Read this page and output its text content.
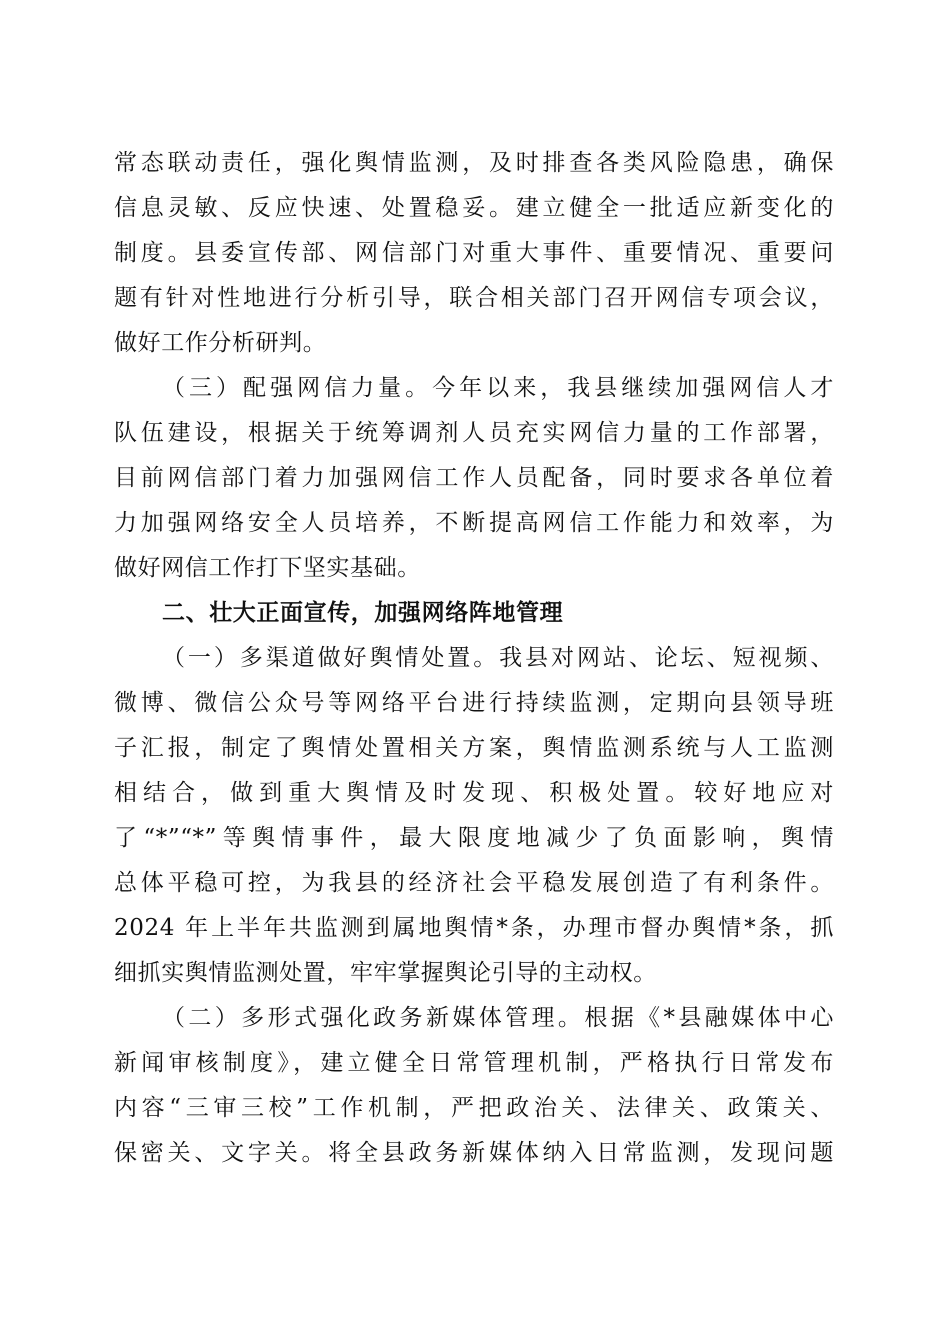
常态联动责任，强化舆情监测，及时排查各类风险隐患，确保
信息灵敏、反应快速、处置稳妥。建立健全一批适应新变化的
制度。县委宣传部、网信部门对重大事件、重要情况、重要问
题有针对性地进行分析引导，联合相关部门召开网信专项会议，
做好工作分析研判。
（三）配强网信力量。今年以来，我县继续加强网信人才
队伍建设，根据关于统筹调剂人员充实网信力量的工作部署，
目前网信部门着力加强网信工作人员配备，同时要求各单位着
力加强网络安全人员培养，不断提高网信工作能力和效率，为
做好网信工作打下坚实基础。
二、壮大正面宣传，加强网络阵地管理
（一）多渠道做好舆情处置。我县对网站、论坛、短视频、
微博、微信公众号等网络平台进行持续监测，定期向县领导班
子汇报，制定了舆情处置相关方案，舆情监测系统与人工监测
相结合，做到重大舆情及时发现、积极处置。较好地应对
了“*”“*”等舆情事件，最大限度地减少了负面影响，舆情
总体平稳可控，为我县的经济社会平稳发展创造了有利条件。
2024 年上半年共监测到属地舆情*条，办理市督办舆情*条，抓
细抓实舆情监测处置，牢牢掌握舆论引导的主动权。
（二）多形式强化政务新媒体管理。根据《*县融媒体中心
新闻审核制度》，建立健全日常管理机制，严格执行日常发布
内容“三审三校”工作机制，严把政治关、法律关、政策关、
保密关、文字关。将全县政务新媒体纳入日常监测，发现问题
